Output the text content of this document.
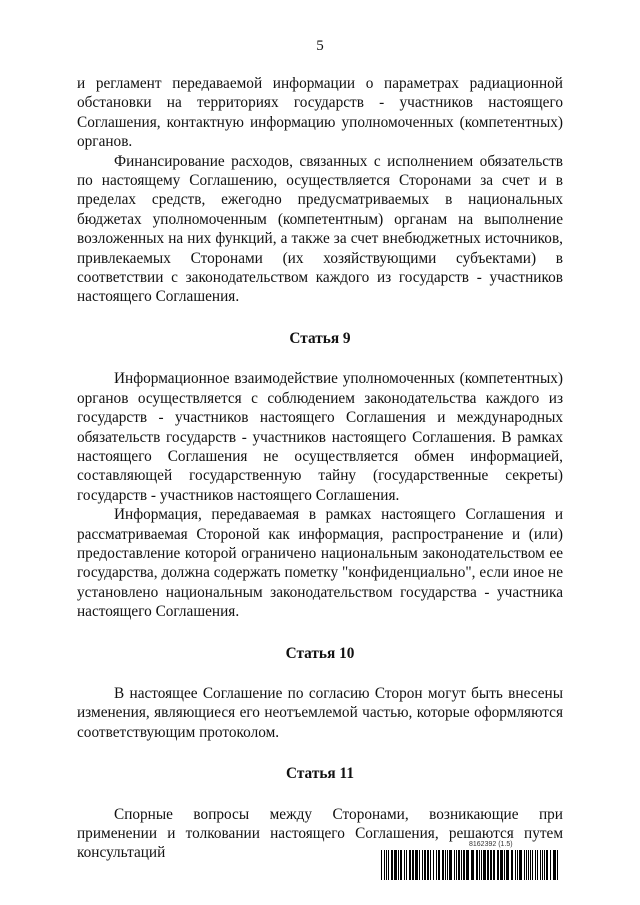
5

и регламент передаваемой информации о параметрах радиационной обстановки на территориях государств - участников настоящего Соглашения, контактную информацию уполномоченных (компетентных) органов.

Финансирование расходов, связанных с исполнением обязательств по настоящему Соглашению, осуществляется Сторонами за счет и в пределах средств, ежегодно предусматриваемых в национальных бюджетах уполномоченным (компетентным) органам на выполнение возложенных на них функций, а также за счет внебюджетных источников, привлекаемых Сторонами (их хозяйствующими субъектами) в соответствии с законодательством каждого из государств - участников настоящего Соглашения.

Статья 9

Информационное взаимодействие уполномоченных (компетентных) органов осуществляется с соблюдением законодательства каждого из государств - участников настоящего Соглашения и международных обязательств государств - участников настоящего Соглашения. В рамках настоящего Соглашения не осуществляется обмен информацией, составляющей государственную тайну (государственные секреты) государств - участников настоящего Соглашения.

Информация, передаваемая в рамках настоящего Соглашения и рассматриваемая Стороной как информация, распространение и (или) предоставление которой ограничено национальным законодательством ее государства, должна содержать пометку "конфиденциально", если иное не установлено национальным законодательством государства - участника настоящего Соглашения.

Статья 10

В настоящее Соглашение по согласию Сторон могут быть внесены изменения, являющиеся его неотъемлемой частью, которые оформляются соответствующим протоколом.

Статья 11

Спорные вопросы между Сторонами, возникающие при применении и толковании настоящего Соглашения, решаются путем консультаций	8162392 (1.5)
